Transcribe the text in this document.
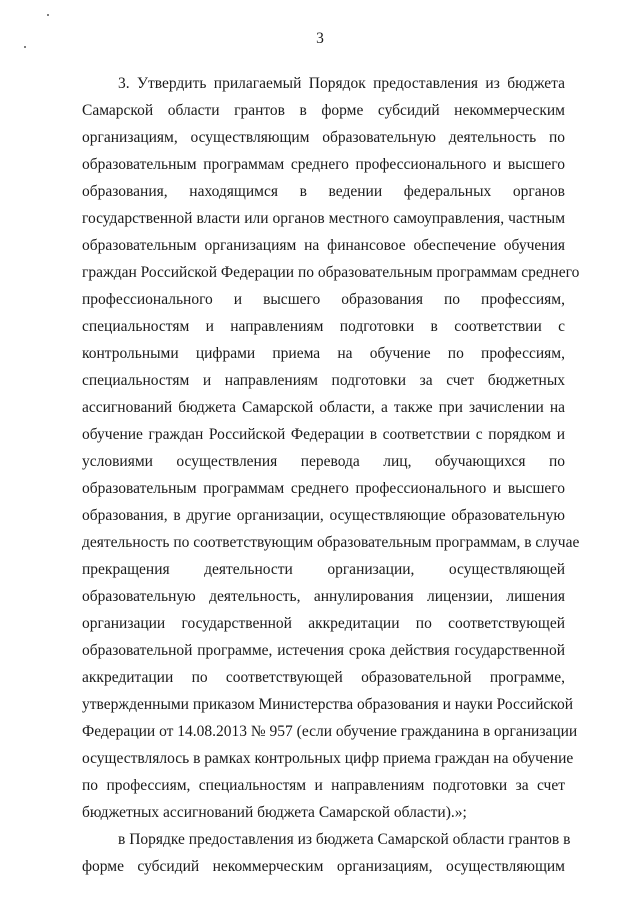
3
3. Утвердить прилагаемый Порядок предоставления из бюджета
Самарской области грантов в форме субсидий некоммерческим
организациям, осуществляющим образовательную деятельность по
образовательным программам среднего профессионального и высшего
образования, находящимся в ведении федеральных органов
государственной власти или органов местного самоуправления, частным
образовательным организациям на финансовое обеспечение обучения
граждан Российской Федерации по образовательным программам среднего
профессионального и высшего образования по профессиям,
специальностям и направлениям подготовки в соответствии с
контрольными цифрами приема на обучение по профессиям,
специальностям и направлениям подготовки за счет бюджетных
ассигнований бюджета Самарской области, а также при зачислении на
обучение граждан Российской Федерации в соответствии с порядком и
условиями осуществления перевода лиц, обучающихся по
образовательным программам среднего профессионального и высшего
образования, в другие организации, осуществляющие образовательную
деятельность по соответствующим образовательным программам, в случае
прекращения деятельности организации, осуществляющей
образовательную деятельность, аннулирования лицензии, лишения
организации государственной аккредитации по соответствующей
образовательной программе, истечения срока действия государственной
аккредитации по соответствующей образовательной программе,
утвержденными приказом Министерства образования и науки Российской
Федерации от 14.08.2013 № 957 (если обучение гражданина в организации
осуществлялось в рамках контрольных цифр приема граждан на обучение
по профессиям, специальностям и направлениям подготовки за счет
бюджетных ассигнований бюджета Самарской области).»;
в Порядке предоставления из бюджета Самарской области грантов в
форме субсидий некоммерческим организациям, осуществляющим
